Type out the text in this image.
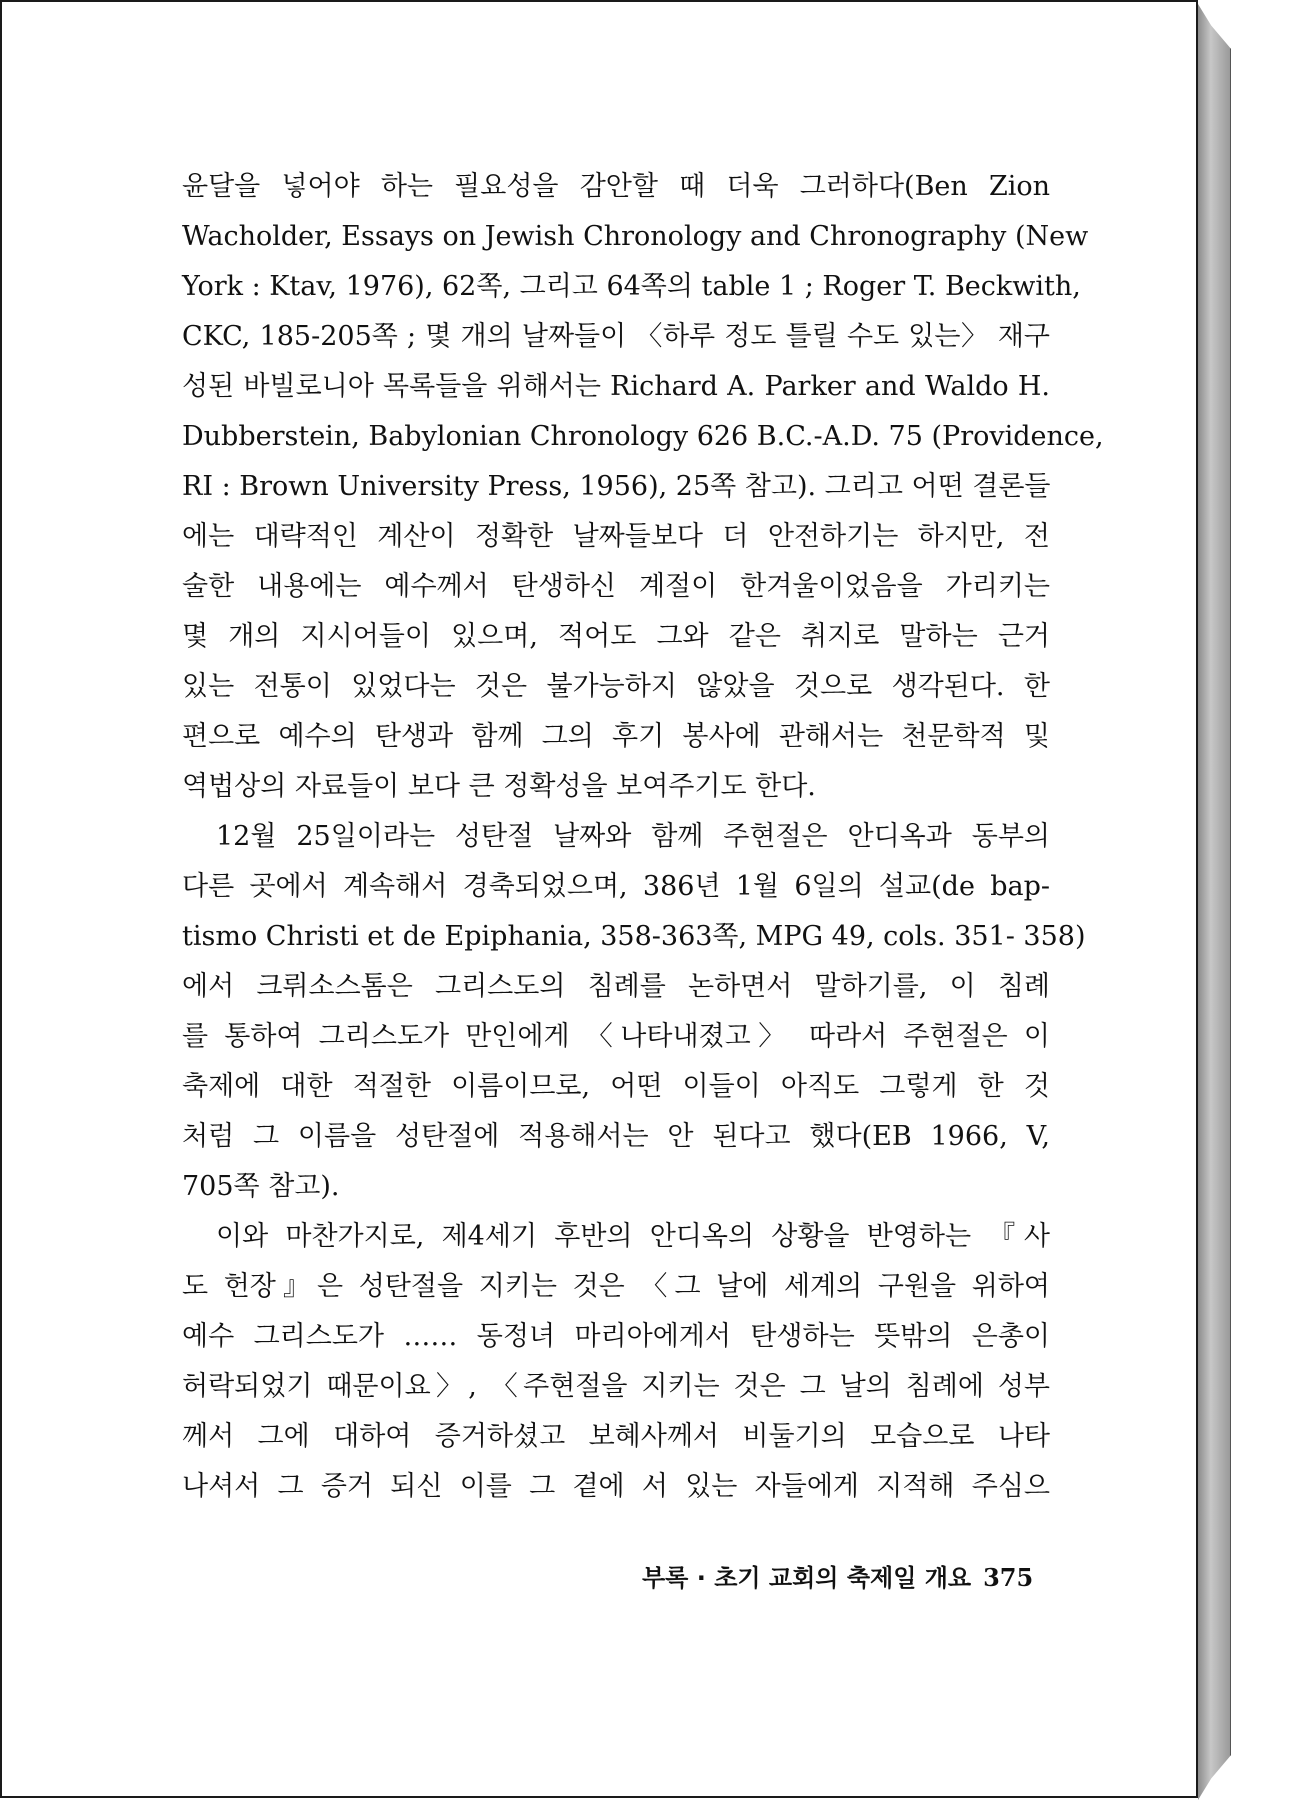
윤달을 넣어야 하는 필요성을 감안할 때 더욱 그러하다(Ben Zion
Wacholder, Essays on Jewish Chronology and Chronography (New
York : Ktav, 1976), 62쪽, 그리고 64쪽의 table 1 ; Roger T. Beckwith,
CKC, 185-205쪽 ; 몇 개의 날짜들이 〈하루 정도 틀릴 수도 있는〉 재구
성된 바빌로니아 목록들을 위해서는 Richard A. Parker and Waldo H.
Dubberstein, Babylonian Chronology 626 B.C.-A.D. 75 (Providence,
RI : Brown University Press, 1956), 25쪽 참고). 그리고 어떤 결론들
에는 대략적인 계산이 정확한 날짜들보다 더 안전하기는 하지만, 전
술한 내용에는 예수께서 탄생하신 계절이 한겨울이었음을 가리키는
몇 개의 지시어들이 있으며, 적어도 그와 같은 취지로 말하는 근거
있는 전통이 있었다는 것은 불가능하지 않았을 것으로 생각된다. 한
편으로 예수의 탄생과 함께 그의 후기 봉사에 관해서는 천문학적 및
역법상의 자료들이 보다 큰 정확성을 보여주기도 한다.
12월 25일이라는 성탄절 날짜와 함께 주현절은 안디옥과 동부의
다른 곳에서 계속해서 경축되었으며, 386년 1월 6일의 설교(de bap-
tismo Christi et de Epiphania, 358-363쪽, MPG 49, cols. 351- 358)
에서 크뤼소스톰은 그리스도의 침례를 논하면서 말하기를, 이 침례
를 통하여 그리스도가 만인에게 〈나타내졌고〉 따라서 주현절은 이
축제에 대한 적절한 이름이므로, 어떤 이들이 아직도 그렇게 한 것
처럼 그 이름을 성탄절에 적용해서는 안 된다고 했다(EB 1966, V,
705쪽 참고).
이와 마찬가지로, 제4세기 후반의 안디옥의 상황을 반영하는 『사
도 헌장』은 성탄절을 지키는 것은 〈그 날에 세계의 구원을 위하여
예수 그리스도가 …… 동정녀 마리아에게서 탄생하는 뜻밖의 은총이
허락되었기 때문이요〉, 〈주현절을 지키는 것은 그 날의 침례에 성부
께서 그에 대하여 증거하셨고 보혜사께서 비둘기의 모습으로 나타
나셔서 그 증거 되신 이를 그 곁에 서 있는 자들에게 지적해 주심으
부록 · 초기 교회의 축제일 개요 375
